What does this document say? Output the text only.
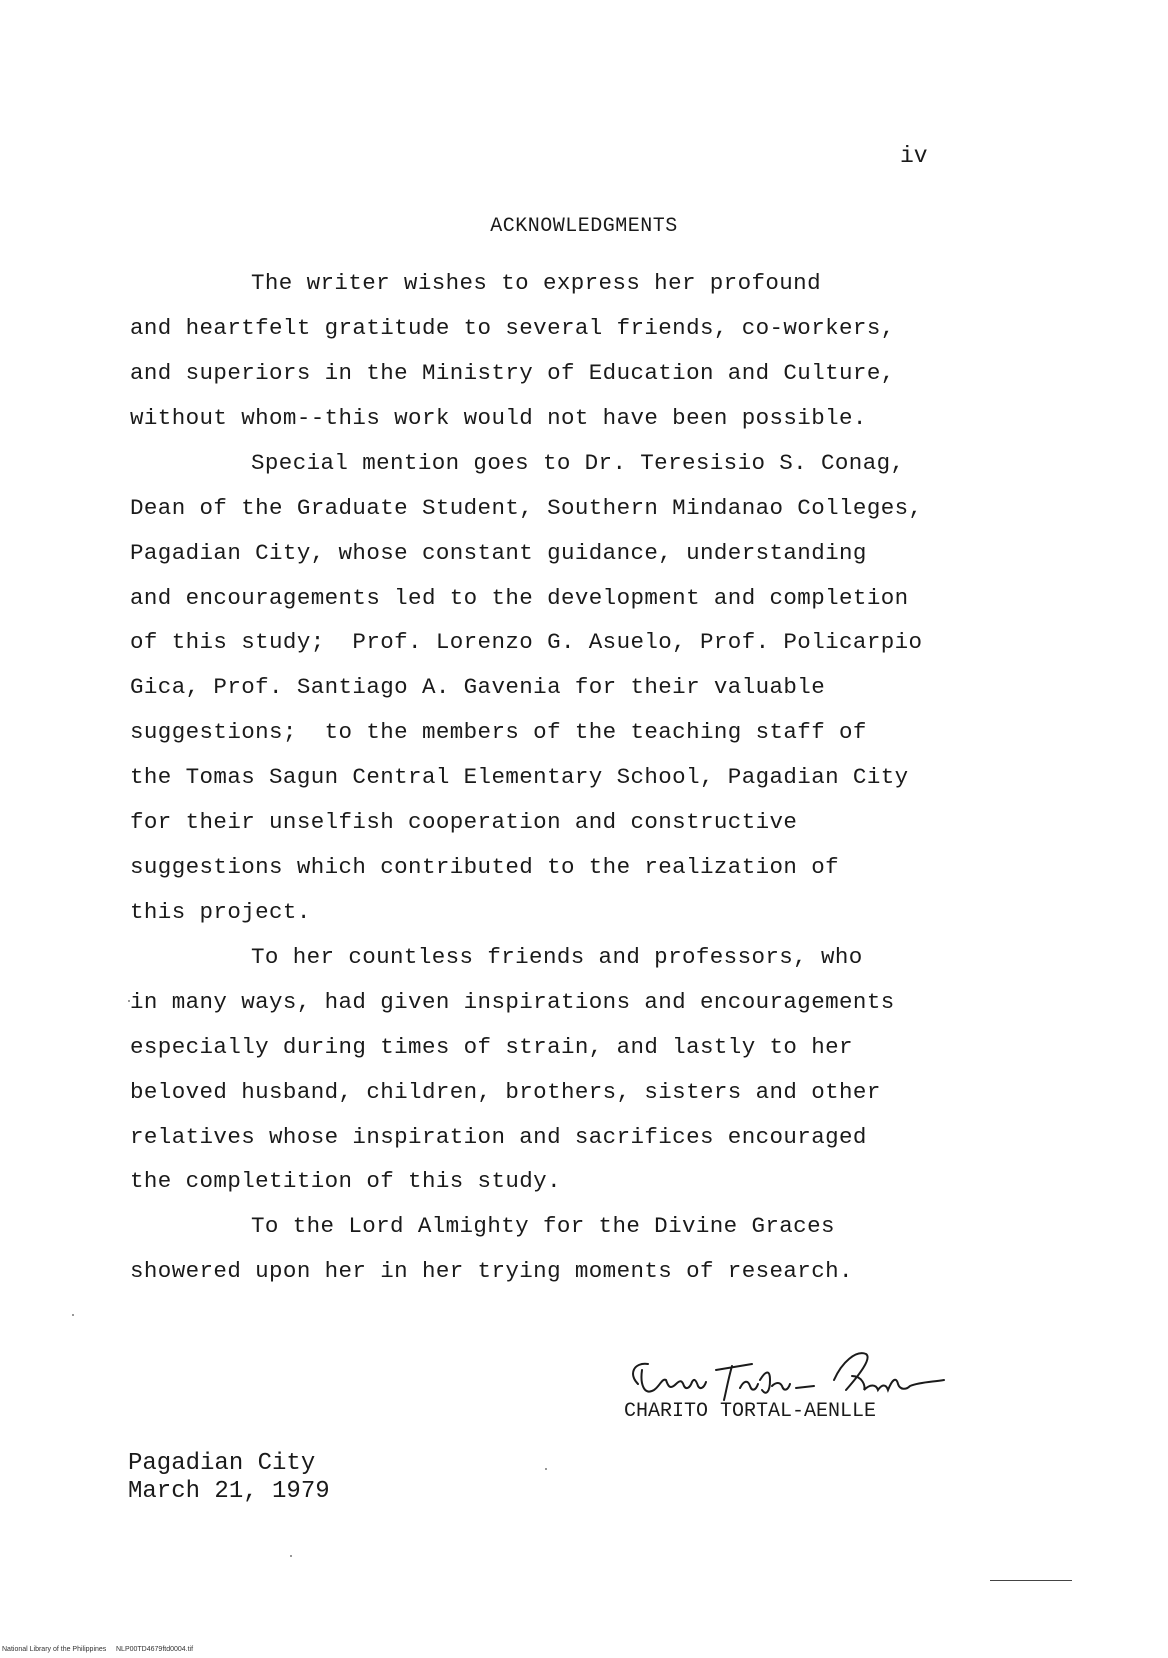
iv
ACKNOWLEDGMENTS
The writer wishes to express her profound
and heartfelt gratitude to several friends, co-workers,
and superiors in the Ministry of Education and Culture,
without whom--this work would not have been possible.
Special mention goes to Dr. Teresisio S. Conag,
Dean of the Graduate Student, Southern Mindanao Colleges,
Pagadian City, whose constant guidance, understanding
and encouragements led to the development and completion
of this study;  Prof. Lorenzo G. Asuelo, Prof. Policarpio
Gica, Prof. Santiago A. Gavenia for their valuable
suggestions;  to the members of the teaching staff of
the Tomas Sagun Central Elementary School, Pagadian City
for their unselfish cooperation and constructive
suggestions which contributed to the realization of
this project.
To her countless friends and professors, who
in many ways, had given inspirations and encouragements
especially during times of strain, and lastly to her
beloved husband, children, brothers, sisters and other
relatives whose inspiration and sacrifices encouraged
the completition of this study.
To the Lord Almighty for the Divine Graces
showered upon her in her trying moments of research.
CHARITO TORTAL-AENLLE
Pagadian City
March 21, 1979
National Library of the Philippines     NLP00TD4679ftd0004.tif
